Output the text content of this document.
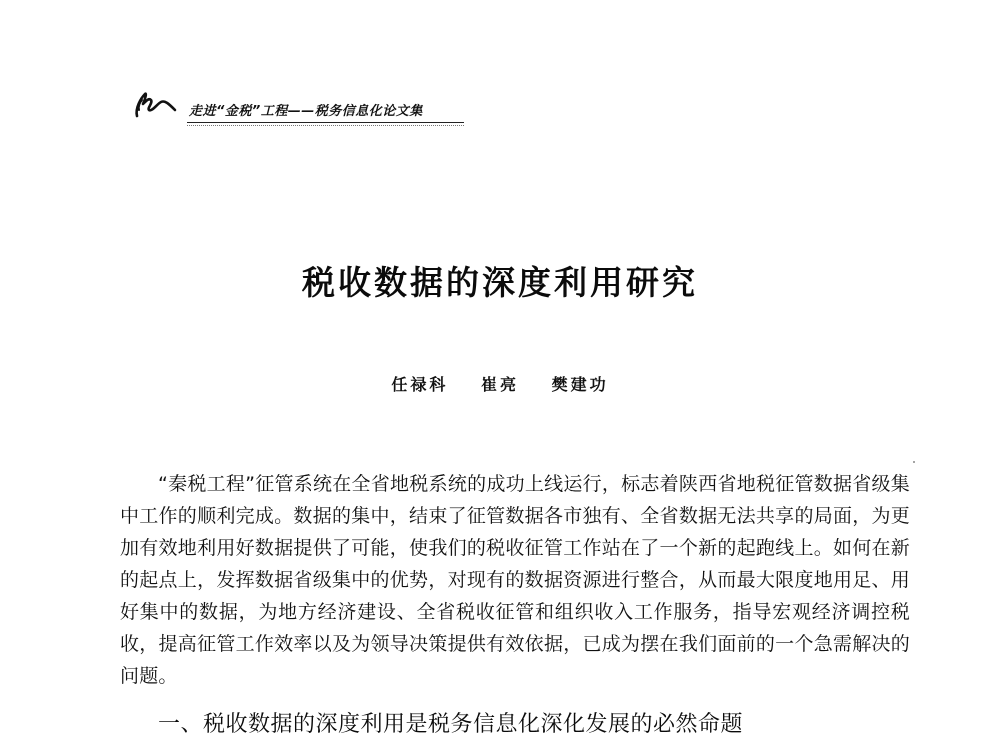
走进“金税”工程——税务信息化论文集
税收数据的深度利用研究
任禄科 崔亮 樊建功

“秦税工程”征管系统在全省地税系统的成功上线运行，标志着陕西省地税征管数据省级集中工作的顺利完成。数据的集中，结束了征管数据各市独有、全省数据无法共享的局面，为更加有效地利用好数据提供了可能，使我们的税收征管工作站在了一个新的起跑线上。如何在新的起点上，发挥数据省级集中的优势，对现有的数据资源进行整合，从而最大限度地用足、用好集中的数据，为地方经济建设、全省税收征管和组织收入工作服务，指导宏观经济调控税收，提高征管工作效率以及为领导决策提供有效依据，已成为摆在我们面前的一个急需解决的问题。

一、税收数据的深度利用是税务信息化深化发展的必然命题
